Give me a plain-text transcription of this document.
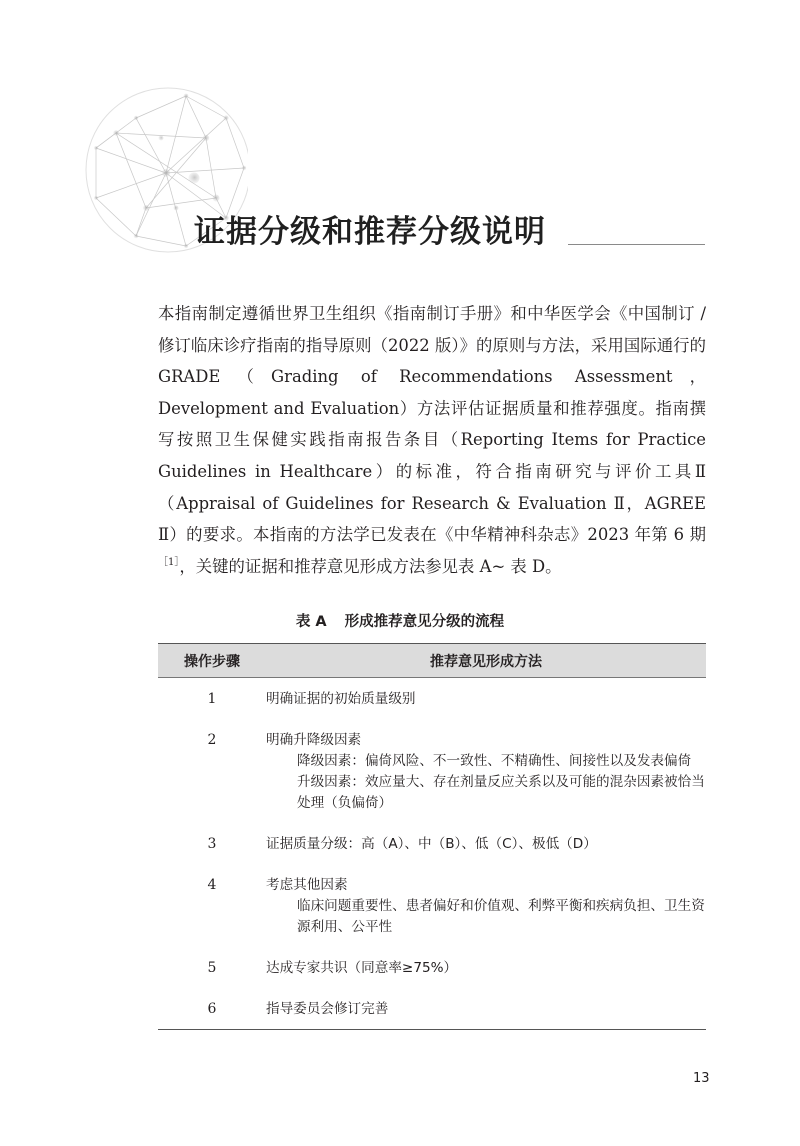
证据分级和推荐分级说明

本指南制定遵循世界卫生组织《指南制订手册》和中华医学会《中国制订 / 修订临床诊疗指南的指导原则（2022 版）》的原则与方法，采用国际通行的 GRADE（Grading of Recommendations Assessment，Development and Evaluation）方法评估证据质量和推荐强度。指南撰写按照卫生保健实践指南报告条目（Reporting Items for Practice Guidelines in Healthcare）的标准，符合指南研究与评价工具Ⅱ（Appraisal of Guidelines for Research & Evaluation Ⅱ，AGREE Ⅱ）的要求。本指南的方法学已发表在《中华精神科杂志》2023 年第 6 期$^{[1]}$，关键的证据和推荐意见形成方法参见表 A~ 表 D。

表 A 形成推荐意见分级的流程
操作步骤	推荐意见形成方法
1	明确证据的初始质量级别

2	明确升降级因素
降级因素：偏倚风险、不一致性、不精确性、间接性以及发表偏倚
升级因素：效应量大、存在剂量反应关系以及可能的混杂因素被恰当处理（负偏倚）

3	证据质量分级：高（A）、中（B）、低（C）、极低（D）

4	考虑其他因素
临床问题重要性、患者偏好和价值观、利弊平衡和疾病负担、卫生资源利用、公平性

5	达成专家共识（同意率≥75%）

6	指导委员会修订完善
13
